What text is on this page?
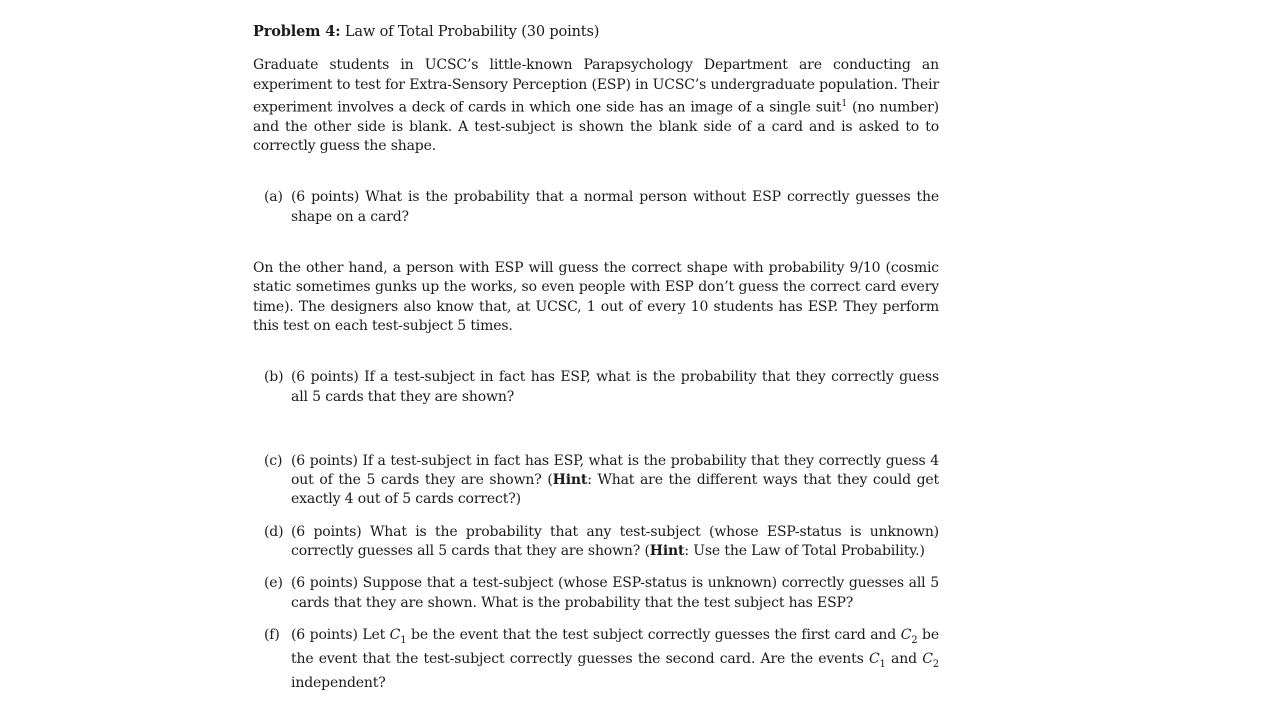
Problem 4: Law of Total Probability (30 points)

Graduate students in UCSC’s little-known Parapsychology Department are conducting an experiment to test for Extra-Sensory Perception (ESP) in UCSC’s undergraduate population. Their experiment involves a deck of cards in which one side has an image of a single suit$^1$ (no number) and the other side is blank. A test-subject is shown the blank side of a card and is asked to to correctly guess the shape.

(a) (6 points) What is the probability that a normal person without ESP correctly guesses the shape on a card?

On the other hand, a person with ESP will guess the correct shape with probability 9/10 (cosmic static sometimes gunks up the works, so even people with ESP don’t guess the correct card every time). The designers also know that, at UCSC, 1 out of every 10 students has ESP. They perform this test on each test-subject 5 times.

(b) (6 points) If a test-subject in fact has ESP, what is the probability that they correctly guess all 5 cards that they are shown?
(c) (6 points) If a test-subject in fact has ESP, what is the probability that they correctly guess 4 out of the 5 cards they are shown? (Hint: What are the different ways that they could get exactly 4 out of 5 cards correct?)
(d) (6 points) What is the probability that any test-subject (whose ESP-status is unknown) correctly guesses all 5 cards that they are shown? (Hint: Use the Law of Total Probability.)
(e) (6 points) Suppose that a test-subject (whose ESP-status is unknown) correctly guesses all 5 cards that they are shown. What is the probability that the test subject has ESP?
(f) (6 points) Let $C_1$ be the event that the test subject correctly guesses the first card and $C_2$ be the event that the test-subject correctly guesses the second card. Are the events $C_1$ and $C_2$ independent?
